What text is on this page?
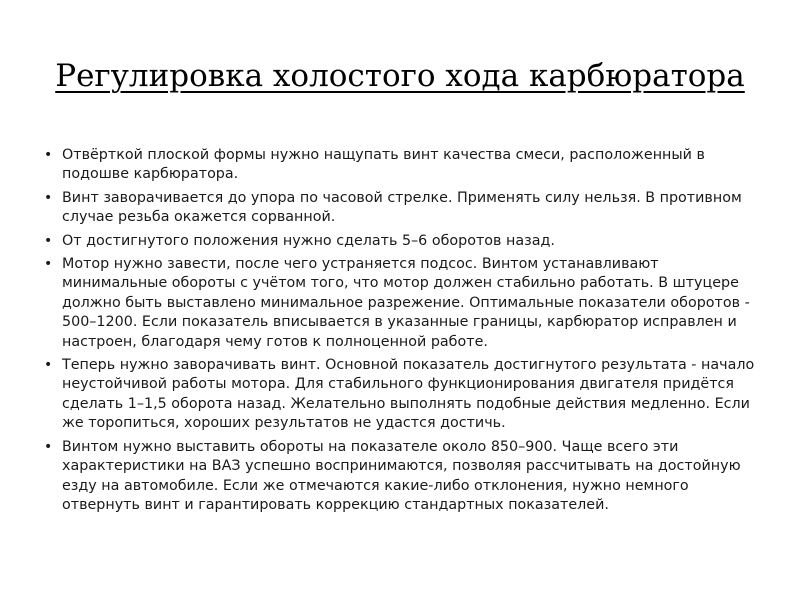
Регулировка холостого хода карбюратора
• Отвёрткой плоской формы нужно нащупать винт качества смеси, расположенный в подошве карбюратора.
• Винт заворачивается до упора по часовой стрелке. Применять силу нельзя. В противном случае резьба окажется сорванной.
• От достигнутого положения нужно сделать 5–6 оборотов назад.
• Мотор нужно завести, после чего устраняется подсос. Винтом устанавливают минимальные обороты с учётом того, что мотор должен стабильно работать. В штуцере должно быть выставлено минимальное разрежение. Оптимальные показатели оборотов - 500–1200. Если показатель вписывается в указанные границы, карбюратор исправлен и настроен, благодаря чему готов к полноценной работе.
• Теперь нужно заворачивать винт. Основной показатель достигнутого результата - начало неустойчивой работы мотора. Для стабильного функционирования двигателя придётся сделать 1–1,5 оборота назад. Желательно выполнять подобные действия медленно. Если же торопиться, хороших результатов не удастся достичь.
• Винтом нужно выставить обороты на показателе около 850–900. Чаще всего эти характеристики на ВАЗ успешно воспринимаются, позволяя рассчитывать на достойную езду на автомобиле. Если же отмечаются какие-либо отклонения, нужно немного отвернуть винт и гарантировать коррекцию стандартных показателей.
